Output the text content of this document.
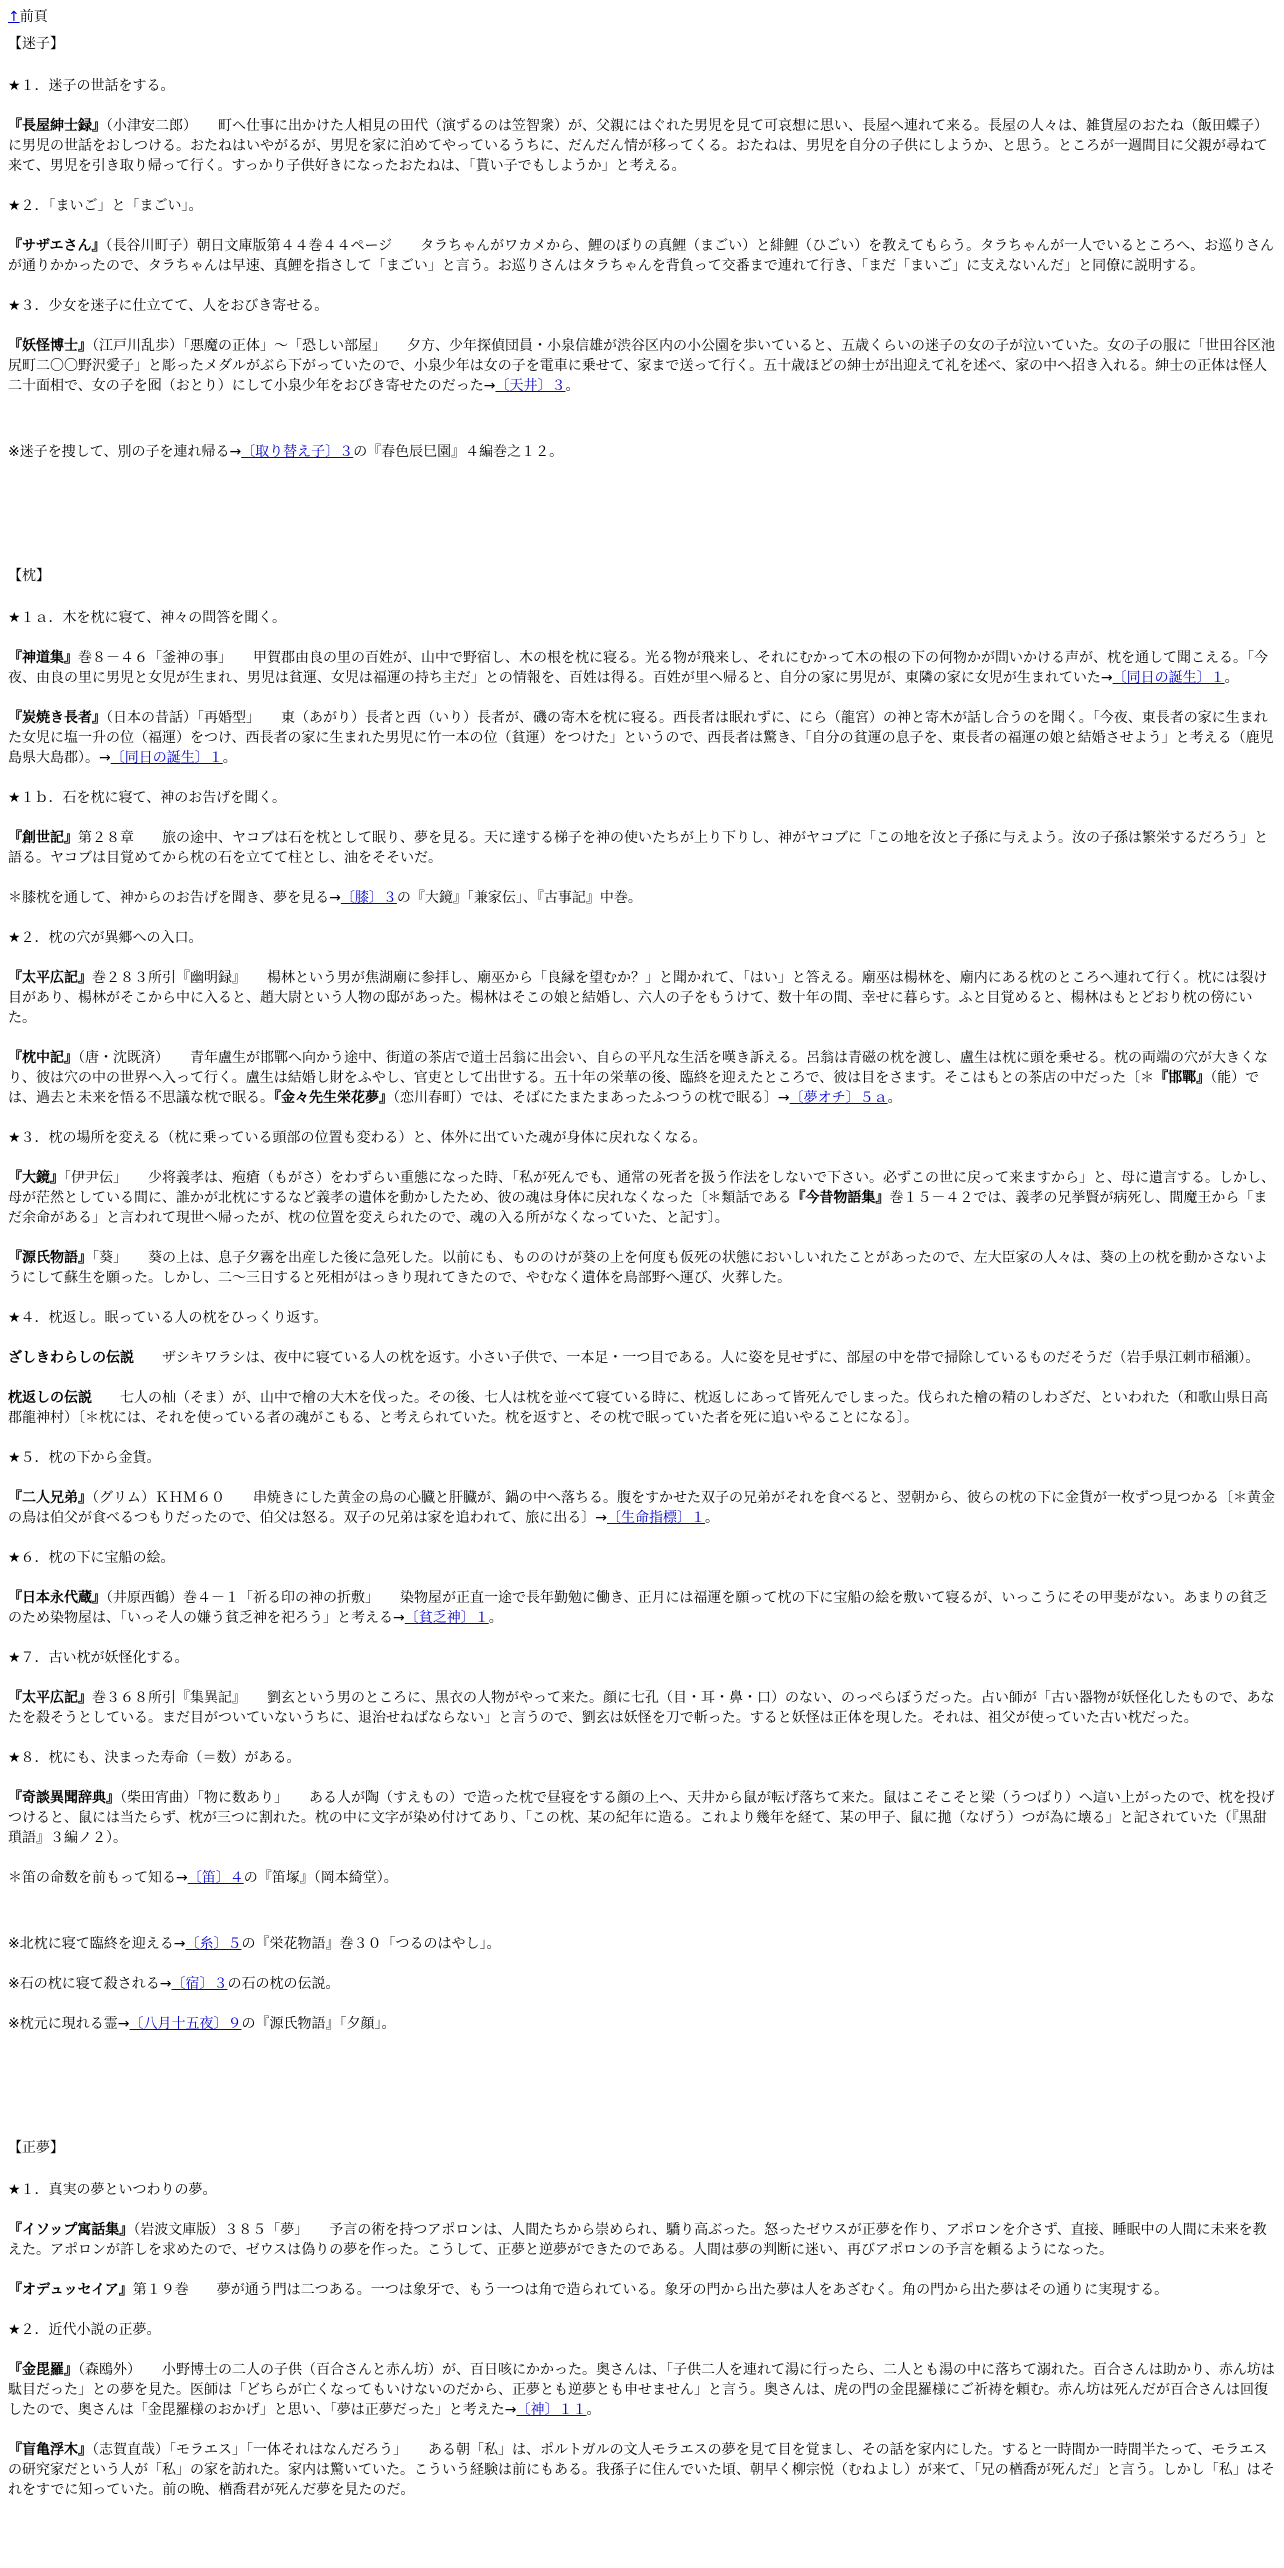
↑前頁

【迷子】

★１．迷子の世話をする。

『長屋紳士録』（小津安二郎）　　町へ仕事に出かけた人相見の田代（演ずるのは笠智衆）が、父親にはぐれた男児を見て可哀想に思い、長屋へ連れて来る。長屋の人々は、雑貨屋のおたね（飯田蝶子）に男児の世話をおしつける。おたねはいやがるが、男児を家に泊めてやっているうちに、だんだん情が移ってくる。おたねは、男児を自分の子供にしようか、と思う。ところが一週間目に父親が尋ねて来て、男児を引き取り帰って行く。すっかり子供好きになったおたねは、「貰い子でもしようか」と考える。

★２．「まいご」と「まごい」。

『サザエさん』（長谷川町子）朝日文庫版第４４巻４４ページ　　タラちゃんがワカメから、鯉のぼりの真鯉（まごい）と緋鯉（ひごい）を教えてもらう。タラちゃんが一人でいるところへ、お巡りさんが通りかかったので、タラちゃんは早速、真鯉を指さして「まごい」と言う。お巡りさんはタラちゃんを背負って交番まで連れて行き、「まだ「まいご」に支えないんだ」と同僚に説明する。

★３．少女を迷子に仕立てて、人をおびき寄せる。

『妖怪博士』（江戸川乱歩）「悪魔の正体」～「恐しい部屋」　　夕方、少年探偵団員・小泉信雄が渋谷区内の小公園を歩いていると、五歳くらいの迷子の女の子が泣いていた。女の子の服に「世田谷区池尻町二〇〇野沢愛子」と彫ったメダルがぶら下がっていたので、小泉少年は女の子を電車に乗せて、家まで送って行く。五十歳ほどの紳士が出迎えて礼を述べ、家の中へ招き入れる。紳士の正体は怪人二十面相で、女の子を囮（おとり）にして小泉少年をおびき寄せたのだった→〔天井〕３。

※迷子を捜して、別の子を連れ帰る→〔取り替え子〕３の『春色辰巳園』４編巻之１２。

【枕】

★１ａ．木を枕に寝て、神々の問答を聞く。

『神道集』巻８－４６「釜神の事」　　甲賀郡由良の里の百姓が、山中で野宿し、木の根を枕に寝る。光る物が飛来し、それにむかって木の根の下の何物かが問いかける声が、枕を通して聞こえる。「今夜、由良の里に男児と女児が生まれ、男児は貧運、女児は福運の持ち主だ」との情報を、百姓は得る。百姓が里へ帰ると、自分の家に男児が、東隣の家に女児が生まれていた→〔同日の誕生〕１。

『炭焼き長者』（日本の昔話）「再婚型」　　東（あがり）長者と西（いり）長者が、磯の寄木を枕に寝る。西長者は眠れずに、にら（龍宮）の神と寄木が話し合うのを聞く。「今夜、東長者の家に生まれた女児に塩一升の位（福運）をつけ、西長者の家に生まれた男児に竹一本の位（貧運）をつけた」というので、西長者は驚き、「自分の貧運の息子を、東長者の福運の娘と結婚させよう」と考える（鹿児島県大島郡）。→〔同日の誕生〕１。

★１ｂ．石を枕に寝て、神のお告げを聞く。

『創世記』第２８章　　旅の途中、ヤコブは石を枕として眠り、夢を見る。天に達する梯子を神の使いたちが上り下りし、神がヤコブに「この地を汝と子孫に与えよう。汝の子孫は繁栄するだろう」と語る。ヤコブは目覚めてから枕の石を立てて柱とし、油をそそいだ。

＊膝枕を通して、神からのお告げを聞き、夢を見る→〔膝〕３の『大鏡』「兼家伝」、『古事記』中巻。

★２．枕の穴が異郷への入口。

『太平広記』巻２８３所引『幽明録』　　楊林という男が焦湖廟に参拝し、廟巫から「良縁を望むか？」と聞かれて、「はい」と答える。廟巫は楊林を、廟内にある枕のところへ連れて行く。枕には裂け目があり、楊林がそこから中に入ると、趙大尉という人物の邸があった。楊林はそこの娘と結婚し、六人の子をもうけて、数十年の間、幸せに暮らす。ふと目覚めると、楊林はもとどおり枕の傍にいた。

『枕中記』（唐・沈既済）　　青年盧生が邯鄲へ向かう途中、街道の茶店で道士呂翁に出会い、自らの平凡な生活を嘆き訴える。呂翁は青磁の枕を渡し、盧生は枕に頭を乗せる。枕の両端の穴が大きくなり、彼は穴の中の世界へ入って行く。盧生は結婚し財をふやし、官吏として出世する。五十年の栄華の後、臨終を迎えたところで、彼は目をさます。そこはもとの茶店の中だった〔＊『邯鄲』（能）では、過去と未来を悟る不思議な枕で眠る。『金々先生栄花夢』（恋川春町）では、そばにたまたまあったふつうの枕で眠る〕→〔夢オチ〕５ａ。

★３．枕の場所を変える（枕に乗っている頭部の位置も変わる）と、体外に出ていた魂が身体に戻れなくなる。

『大鏡』「伊尹伝」　　少将義孝は、疱瘡（もがさ）をわずらい重態になった時、「私が死んでも、通常の死者を扱う作法をしないで下さい。必ずこの世に戻って来ますから」と、母に遺言する。しかし、母が茫然としている間に、誰かが北枕にするなど義孝の遺体を動かしたため、彼の魂は身体に戻れなくなった〔＊類話である『今昔物語集』巻１５－４２では、義孝の兄挙賢が病死し、間魔王から「まだ余命がある」と言われて現世へ帰ったが、枕の位置を変えられたので、魂の入る所がなくなっていた、と記す〕。

『源氏物語』「葵」　　葵の上は、息子夕霧を出産した後に急死した。以前にも、もののけが葵の上を何度も仮死の状態においしいれたことがあったので、左大臣家の人々は、葵の上の枕を動かさないようにして蘇生を願った。しかし、二～三日すると死相がはっきり現れてきたので、やむなく遺体を鳥部野へ運び、火葬した。

★４．枕返し。眠っている人の枕をひっくり返す。

ざしきわらしの伝説　　ザシキワラシは、夜中に寝ている人の枕を返す。小さい子供で、一本足・一つ目である。人に姿を見せずに、部屋の中を帯で掃除しているものだそうだ（岩手県江刺市稲瀬）。

枕返しの伝説　　七人の杣（そま）が、山中で檜の大木を伐った。その後、七人は枕を並べて寝ている時に、枕返しにあって皆死んでしまった。伐られた檜の精のしわざだ、といわれた（和歌山県日高郡龍神村）〔＊枕には、それを使っている者の魂がこもる、と考えられていた。枕を返すと、その枕で眠っていた者を死に追いやることになる〕。

★５．枕の下から金貨。

『二人兄弟』（グリム）ＫＨＭ６０　　串焼きにした黄金の鳥の心臓と肝臓が、鍋の中へ落ちる。腹をすかせた双子の兄弟がそれを食べると、翌朝から、彼らの枕の下に金貨が一枚ずつ見つかる〔＊黄金の鳥は伯父が食べるつもりだったので、伯父は怒る。双子の兄弟は家を追われて、旅に出る〕→〔生命指標〕１。

★６．枕の下に宝船の絵。

『日本永代蔵』（井原西鶴）巻４－１「祈る印の神の折敷」　　染物屋が正直一途で長年勤勉に働き、正月には福運を願って枕の下に宝船の絵を敷いて寝るが、いっこうにその甲斐がない。あまりの貧乏のため染物屋は、「いっそ人の嫌う貧乏神を祀ろう」と考える→〔貧乏神〕１。

★７．古い枕が妖怪化する。

『太平広記』巻３６８所引『集異記』　　劉玄という男のところに、黒衣の人物がやって来た。顔に七孔（目・耳・鼻・口）のない、のっぺらぼうだった。占い師が「古い器物が妖怪化したもので、あなたを殺そうとしている。まだ目がついていないうちに、退治せねばならない」と言うので、劉玄は妖怪を刀で斬った。すると妖怪は正体を現した。それは、祖父が使っていた古い枕だった。

★８．枕にも、決まった寿命（＝数）がある。

『奇談異聞辞典』（柴田宵曲）「物に数あり」　　ある人が陶（すえもの）で造った枕で昼寝をする顔の上へ、天井から鼠が転げ落ちて来た。鼠はこそこそと梁（うつばり）へ這い上がったので、枕を投げつけると、鼠には当たらず、枕が三つに割れた。枕の中に文字が染め付けてあり、「この枕、某の紀年に造る。これより幾年を経て、某の甲子、鼠に拋（なげう）つが為に壊る」と記されていた（『黒甜瑣語』３編ノ２）。

＊笛の命数を前もって知る→〔笛〕４の『笛塚』（岡本綺堂）。

※北枕に寝て臨終を迎える→〔糸〕５の『栄花物語』巻３０「つるのはやし」。

※石の枕に寝て殺される→〔宿〕３の石の枕の伝説。

※枕元に現れる霊→〔八月十五夜〕９の『源氏物語』「夕顔」。

【正夢】

★１．真実の夢といつわりの夢。

『イソップ寓話集』（岩波文庫版）３８５「夢」　　予言の術を持つアポロンは、人間たちから崇められ、驕り高ぶった。怒ったゼウスが正夢を作り、アポロンを介さず、直接、睡眠中の人間に未来を教えた。アポロンが許しを求めたので、ゼウスは偽りの夢を作った。こうして、正夢と逆夢ができたのである。人間は夢の判断に迷い、再びアポロンの予言を頼るようになった。

『オデュッセイア』第１９巻　　夢が通う門は二つある。一つは象牙で、もう一つは角で造られている。象牙の門から出た夢は人をあざむく。角の門から出た夢はその通りに実現する。

★２．近代小説の正夢。

『金毘羅』（森鴎外）　　小野博士の二人の子供（百合さんと赤ん坊）が、百日咳にかかった。奥さんは、「子供二人を連れて湯に行ったら、二人とも湯の中に落ちて溺れた。百合さんは助かり、赤ん坊は駄目だった」との夢を見た。医師は「どちらが亡くなってもいけないのだから、正夢とも逆夢とも申せません」と言う。奥さんは、虎の門の金毘羅様にご祈祷を頼む。赤ん坊は死んだが百合さんは回復したので、奥さんは「金毘羅様のおかげ」と思い、「夢は正夢だった」と考えた→〔神〕１１。

『盲亀浮木』（志賀直哉）「モラエス」「一体それはなんだろう」　　ある朝「私」は、ポルトガルの文人モラエスの夢を見て目を覚まし、その話を家内にした。すると一時間か一時間半たって、モラエスの研究家だという人が「私」の家を訪れた。家内は驚いていた。こういう経験は前にもある。我孫子に住んでいた頃、朝早く柳宗悦（むねよし）が来て、「兄の楢喬が死んだ」と言う。しかし「私」はそれをすでに知っていた。前の晩、楢喬君が死んだ夢を見たのだ。
